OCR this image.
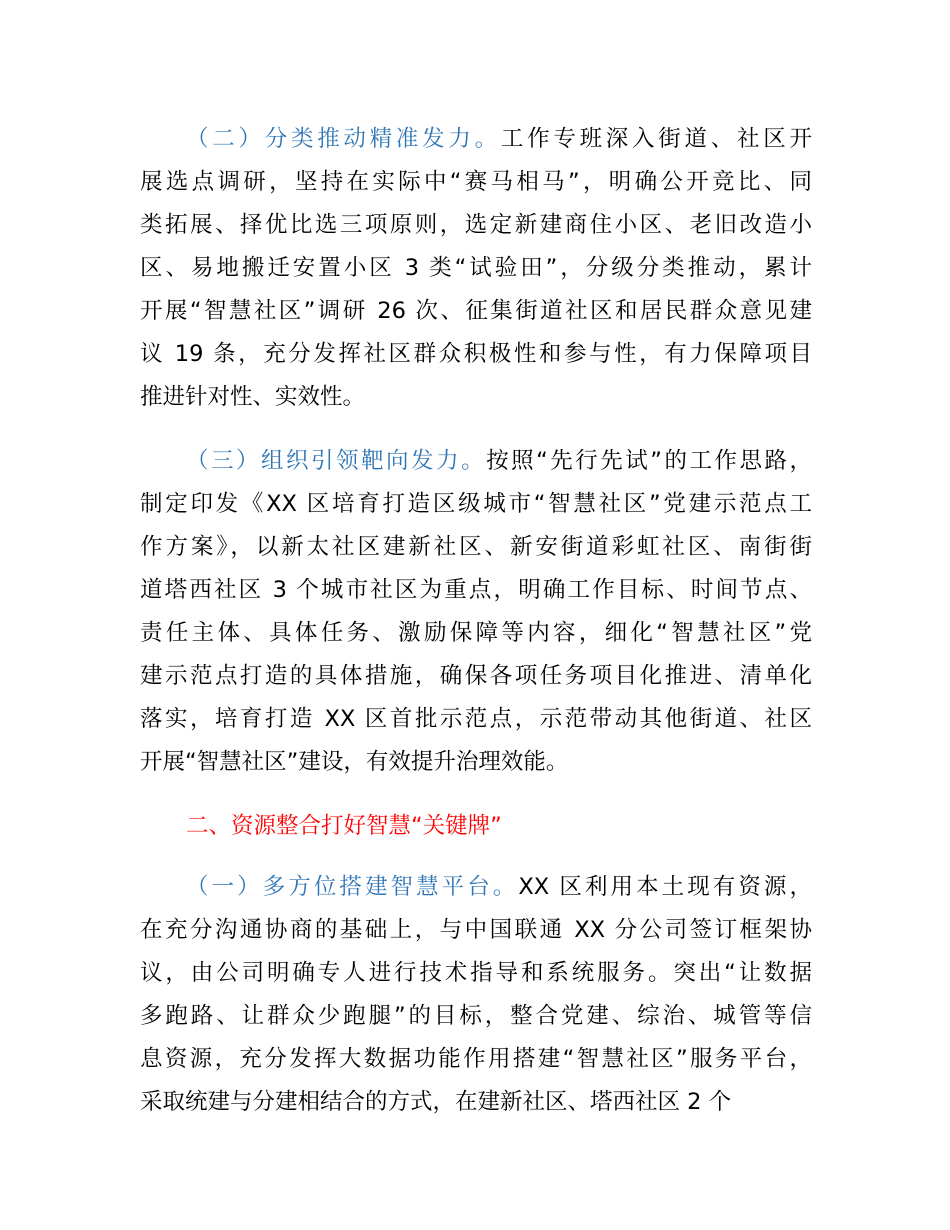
（二）分类推动精准发力。工作专班深入街道、社区开
展选点调研，坚持在实际中“赛马相马”，明确公开竞比、同
类拓展、择优比选三项原则，选定新建商住小区、老旧改造小
区、易地搬迁安置小区 3 类“试验田”，分级分类推动，累计
开展“智慧社区”调研 26 次、征集街道社区和居民群众意见建
议 19 条，充分发挥社区群众积极性和参与性，有力保障项目
推进针对性、实效性。
（三）组织引领靶向发力。按照“先行先试”的工作思路，
制定印发《XX 区培育打造区级城市“智慧社区”党建示范点工
作方案》，以新太社区建新社区、新安街道彩虹社区、南街街
道塔西社区 3 个城市社区为重点，明确工作目标、时间节点、
责任主体、具体任务、激励保障等内容，细化“智慧社区”党
建示范点打造的具体措施，确保各项任务项目化推进、清单化
落实，培育打造 XX 区首批示范点，示范带动其他街道、社区
开展“智慧社区”建设，有效提升治理效能。
二、资源整合打好智慧“关键牌”
（一）多方位搭建智慧平台。XX 区利用本土现有资源，
在充分沟通协商的基础上，与中国联通 XX 分公司签订框架协
议，由公司明确专人进行技术指导和系统服务。突出“让数据
多跑路、让群众少跑腿”的目标，整合党建、综治、城管等信
息资源，充分发挥大数据功能作用搭建“智慧社区”服务平台，
采取统建与分建相结合的方式，在建新社区、塔西社区 2 个
